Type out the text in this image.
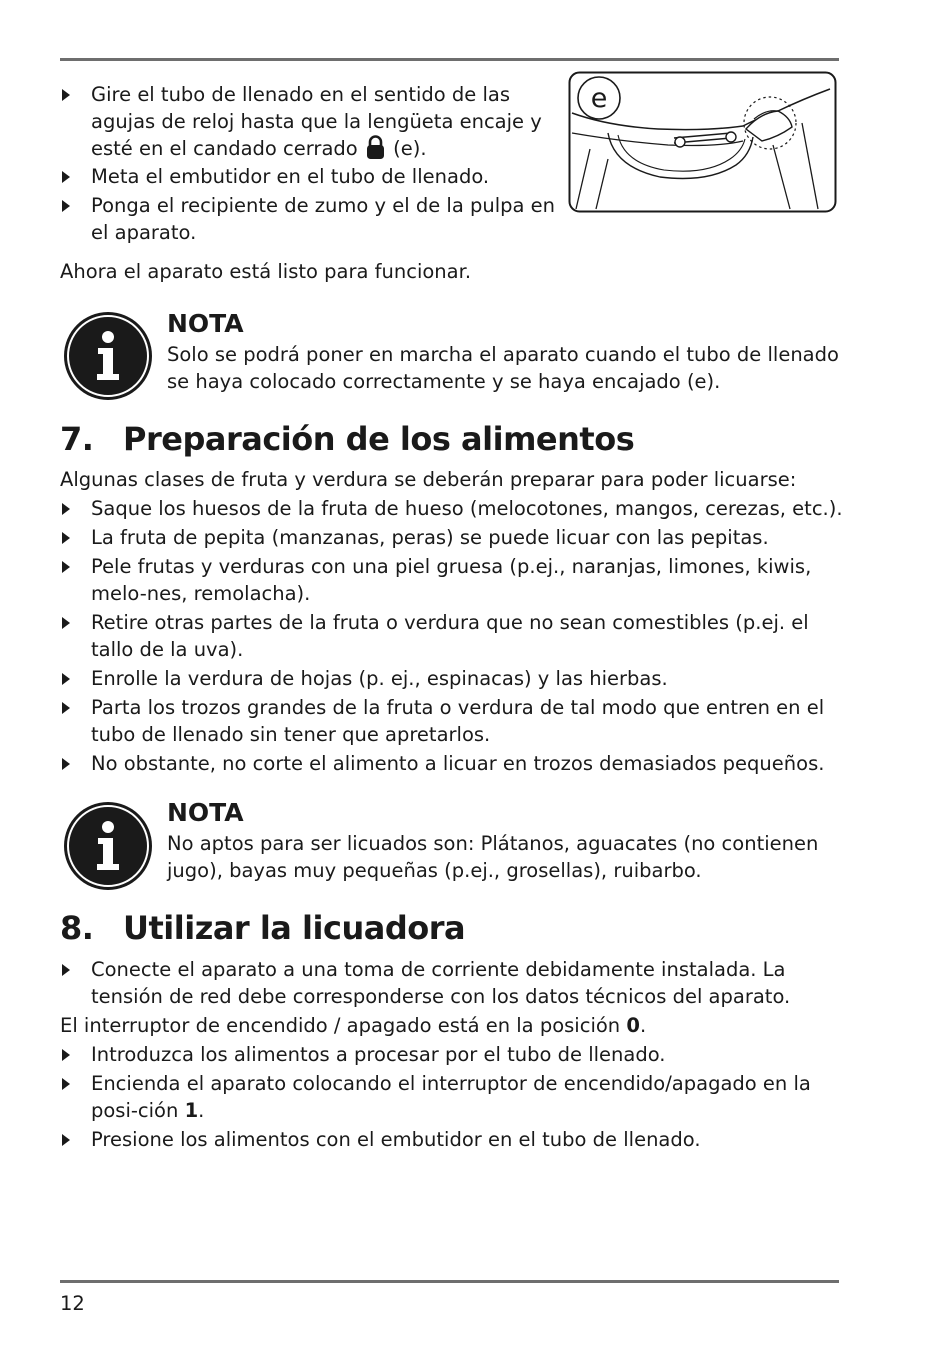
Gire el tubo de llenado en el sentido de las agujas de reloj hasta que la lengüeta encaje y esté en el candado cerrado (e).
Meta el embutidor en el tubo de llenado.
Ponga el recipiente de zumo y el de la pulpa en el aparato.
Ahora el aparato está listo para funcionar.
e
NOTA
Solo se podrá poner en marcha el aparato cuando el tubo de llenado se haya colocado correctamente y se haya encajado (e).
7. Preparación de los alimentos
Algunas clases de fruta y verdura se deberán preparar para poder licuarse:
Saque los huesos de la fruta de hueso (melocotones, mangos, cerezas, etc.).
La fruta de pepita (manzanas, peras) se puede licuar con las pepitas.
Pele frutas y verduras con una piel gruesa (p.ej., naranjas, limones, kiwis, melo-nes, remolacha).
Retire otras partes de la fruta o verdura que no sean comestibles (p.ej. el tallo de la uva).
Enrolle la verdura de hojas (p. ej., espinacas) y las hierbas.
Parta los trozos grandes de la fruta o verdura de tal modo que entren en el tubo de llenado sin tener que apretarlos.
No obstante, no corte el alimento a licuar en trozos demasiados pequeños.
NOTA
No aptos para ser licuados son: Plátanos, aguacates (no contienen jugo), bayas muy pequeñas (p.ej., grosellas), ruibarbo.
8. Utilizar la licuadora
Conecte el aparato a una toma de corriente debidamente instalada. La tensión de red debe corresponderse con los datos técnicos del aparato.
El interruptor de encendido / apagado está en la posición 0.
Introduzca los alimentos a procesar por el tubo de llenado.
Encienda el aparato colocando el interruptor de encendido/apagado en la posi-ción 1.
Presione los alimentos con el embutidor en el tubo de llenado.
12
